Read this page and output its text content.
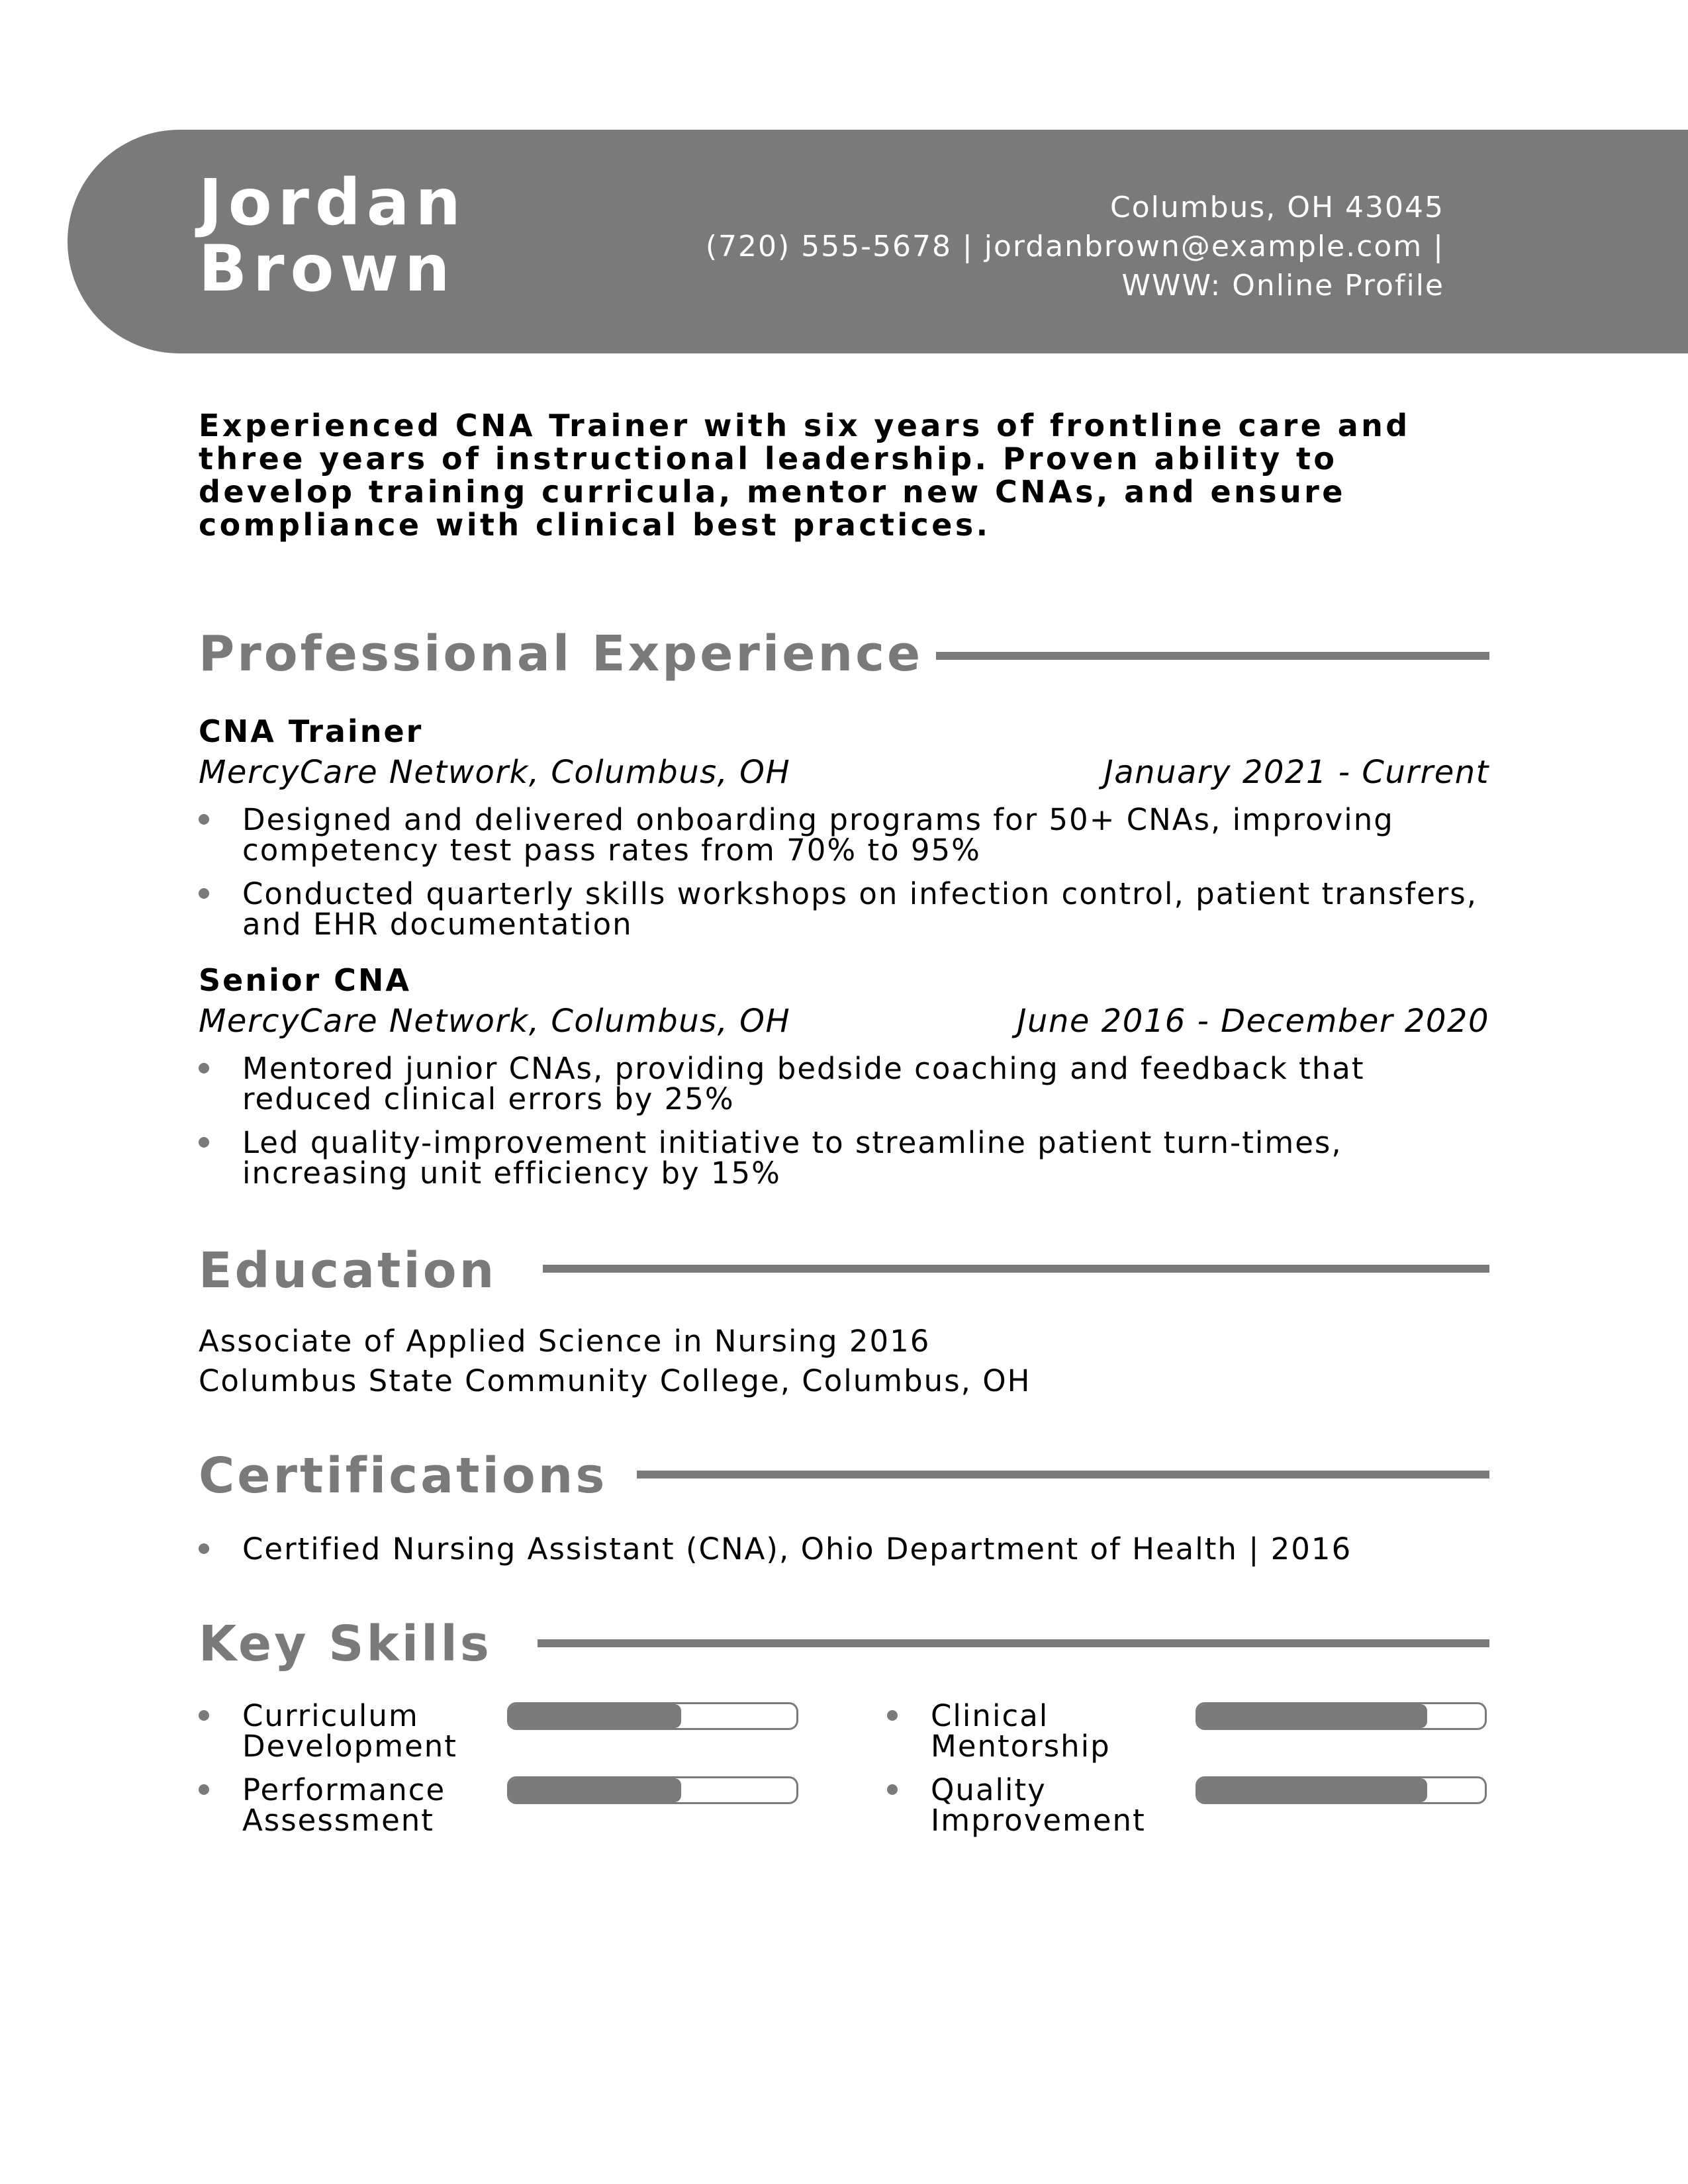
Jordan
Brown
Columbus, OH 43045
(720) 555-5678 | jordanbrown@example.com |
WWW: Online Profile
Experienced CNA Trainer with six years of frontline care and three years of instructional leadership. Proven ability to develop training curricula, mentor new CNAs, and ensure compliance with clinical best practices.
Professional Experience
CNA Trainer
MercyCare Network, Columbus, OH	January 2021 - Current
Designed and delivered onboarding programs for 50+ CNAs, improving competency test pass rates from 70% to 95%
Conducted quarterly skills workshops on infection control, patient transfers, and EHR documentation
Senior CNA
MercyCare Network, Columbus, OH	June 2016 - December 2020
Mentored junior CNAs, providing bedside coaching and feedback that reduced clinical errors by 25%
Led quality-improvement initiative to streamline patient turn-times, increasing unit efficiency by 15%
Education
Associate of Applied Science in Nursing 2016
Columbus State Community College, Columbus, OH
Certifications
Certified Nursing Assistant (CNA), Ohio Department of Health | 2016
Key Skills
Curriculum Development
Clinical Mentorship
Performance Assessment
Quality Improvement
